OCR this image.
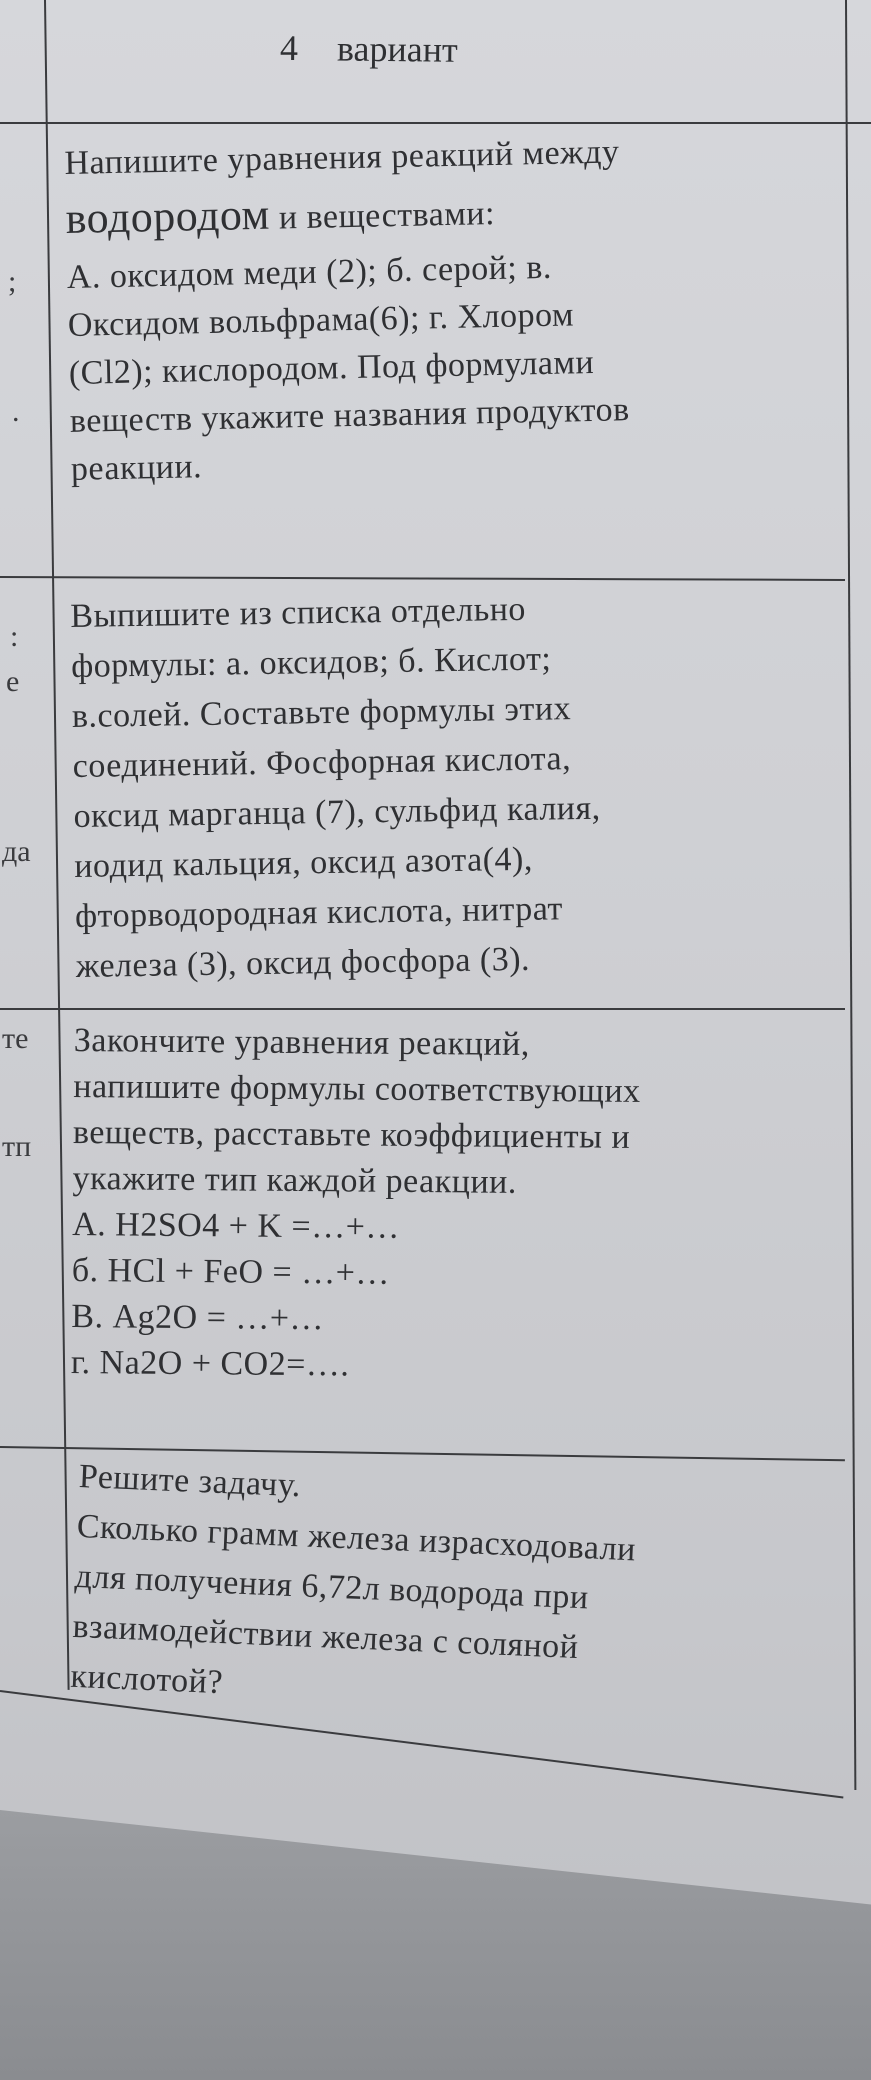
;
.
:
е
да
те
тп
4 вариант
Напишите уравнения реакций между
водородом и веществами:
А. оксидом меди (2); б. серой; в.
Оксидом вольфрама(6); г. Хлором
(Cl2); кислородом. Под формулами
веществ укажите названия продуктов
реакции.
Выпишите из списка отдельно
формулы: а. оксидов; б. Кислот;
в.солей. Составьте формулы этих
соединений. Фосфорная кислота,
оксид марганца (7), сульфид калия,
иодид кальция, оксид азота(4),
фторводородная кислота, нитрат
железа (3), оксид фосфора (3).
Закончите уравнения реакций,
напишите формулы соответствующих
веществ, расставьте коэффициенты и
укажите тип каждой реакции.
А. H2SO4 + K =…+…
б. HCl + FeO = …+…
В. Ag2O = …+…
г. Na2O + CO2=….
Решите задачу.
Сколько грамм железа израсходовали
для получения 6,72л водорода при
взаимодействии железа с соляной
кислотой?
